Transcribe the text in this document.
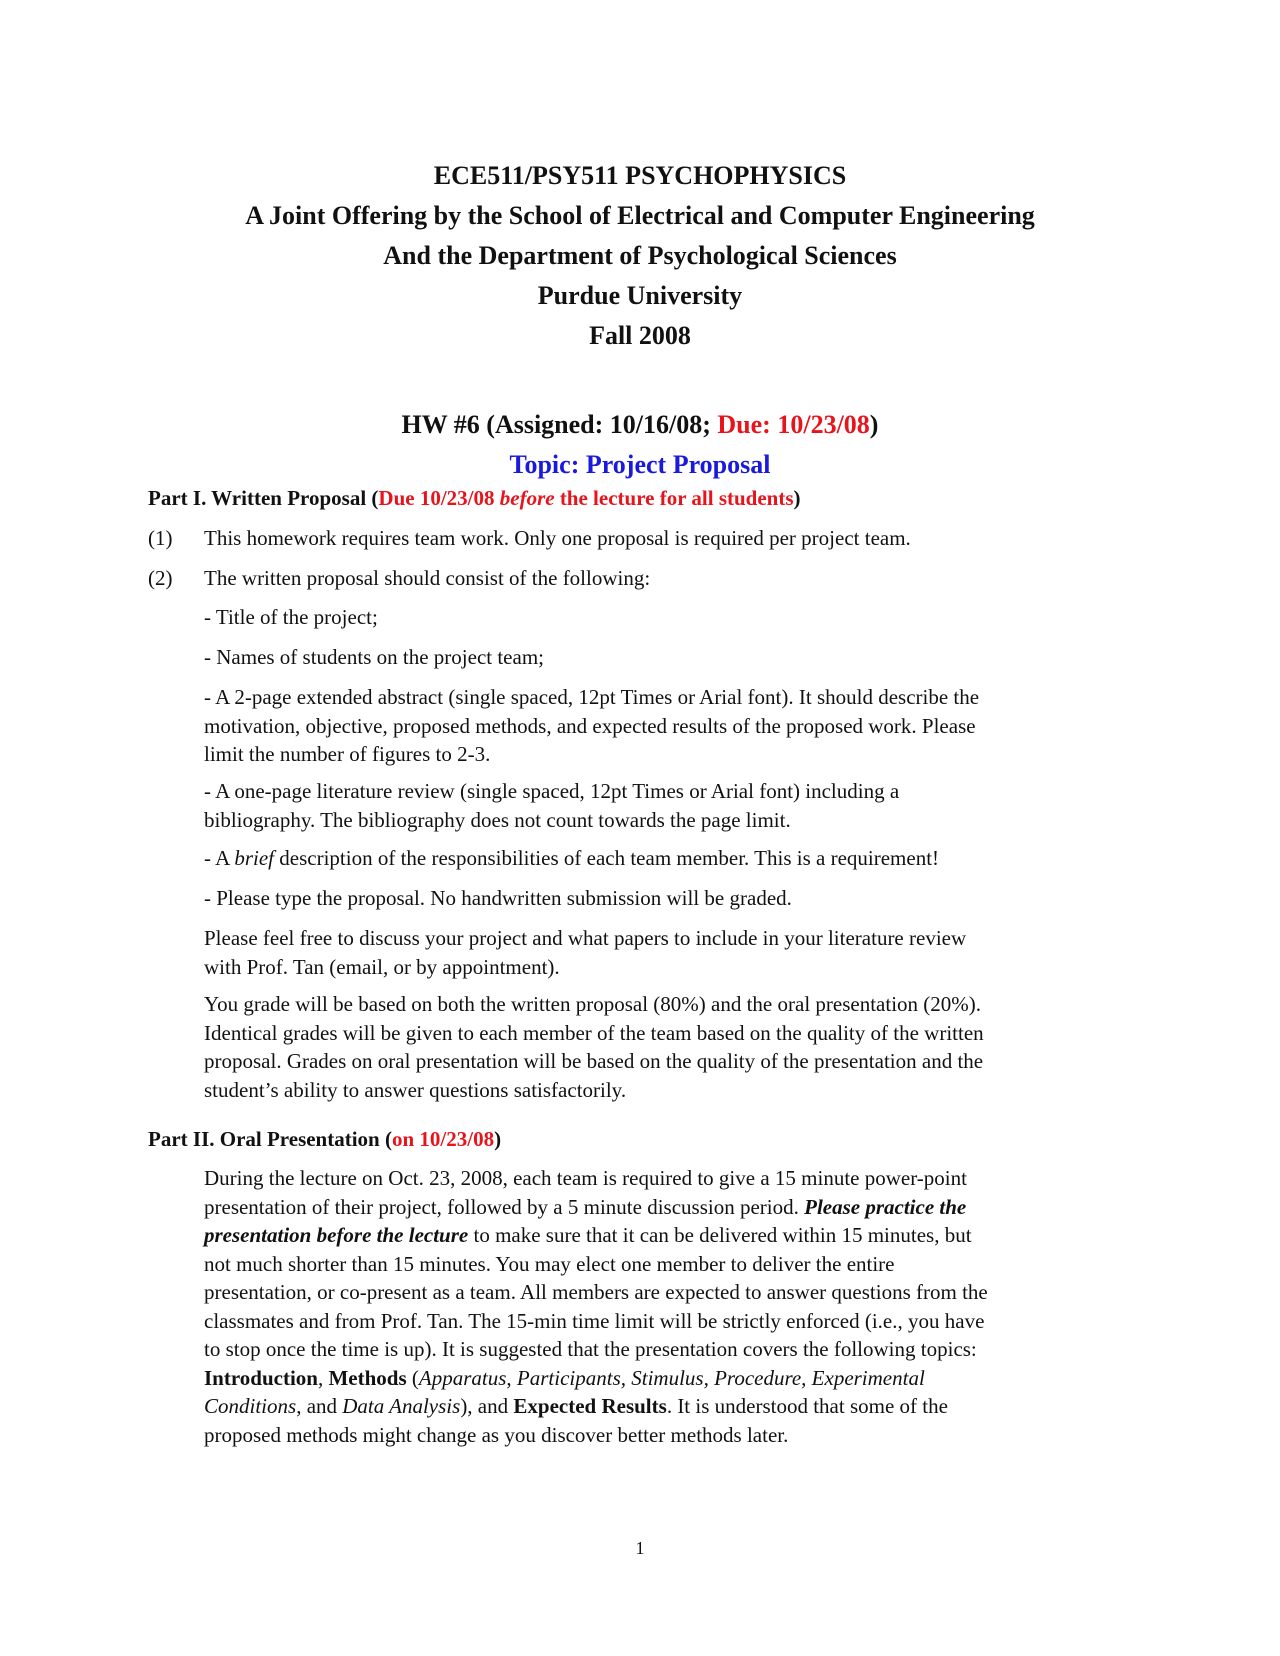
ECE511/PSY511 PSYCHOPHYSICS
A Joint Offering by the School of Electrical and Computer Engineering
And the Department of Psychological Sciences
Purdue University
Fall 2008
HW #6 (Assigned: 10/16/08; Due: 10/23/08)
Topic: Project Proposal
Part I. Written Proposal (Due 10/23/08 before the lecture for all students)
(1)	This homework requires team work. Only one proposal is required per project team.
(2)	The written proposal should consist of the following:
- Title of the project;
- Names of students on the project team;
- A 2-page extended abstract (single spaced, 12pt Times or Arial font). It should describe the
motivation, objective, proposed methods, and expected results of the proposed work. Please
limit the number of figures to 2-3.
- A one-page literature review (single spaced, 12pt Times or Arial font) including a
bibliography. The bibliography does not count towards the page limit.
- A brief description of the responsibilities of each team member. This is a requirement!
- Please type the proposal. No handwritten submission will be graded.
Please feel free to discuss your project and what papers to include in your literature review
with Prof. Tan (email, or by appointment).
You grade will be based on both the written proposal (80%) and the oral presentation (20%).
Identical grades will be given to each member of the team based on the quality of the written
proposal. Grades on oral presentation will be based on the quality of the presentation and the
student’s ability to answer questions satisfactorily.
Part II. Oral Presentation (on 10/23/08)
During the lecture on Oct. 23, 2008, each team is required to give a 15 minute power-point
presentation of their project, followed by a 5 minute discussion period. Please practice the
presentation before the lecture to make sure that it can be delivered within 15 minutes, but
not much shorter than 15 minutes. You may elect one member to deliver the entire
presentation, or co-present as a team. All members are expected to answer questions from the
classmates and from Prof. Tan. The 15-min time limit will be strictly enforced (i.e., you have
to stop once the time is up). It is suggested that the presentation covers the following topics:
Introduction, Methods (Apparatus, Participants, Stimulus, Procedure, Experimental
Conditions, and Data Analysis), and Expected Results. It is understood that some of the
proposed methods might change as you discover better methods later.
1
